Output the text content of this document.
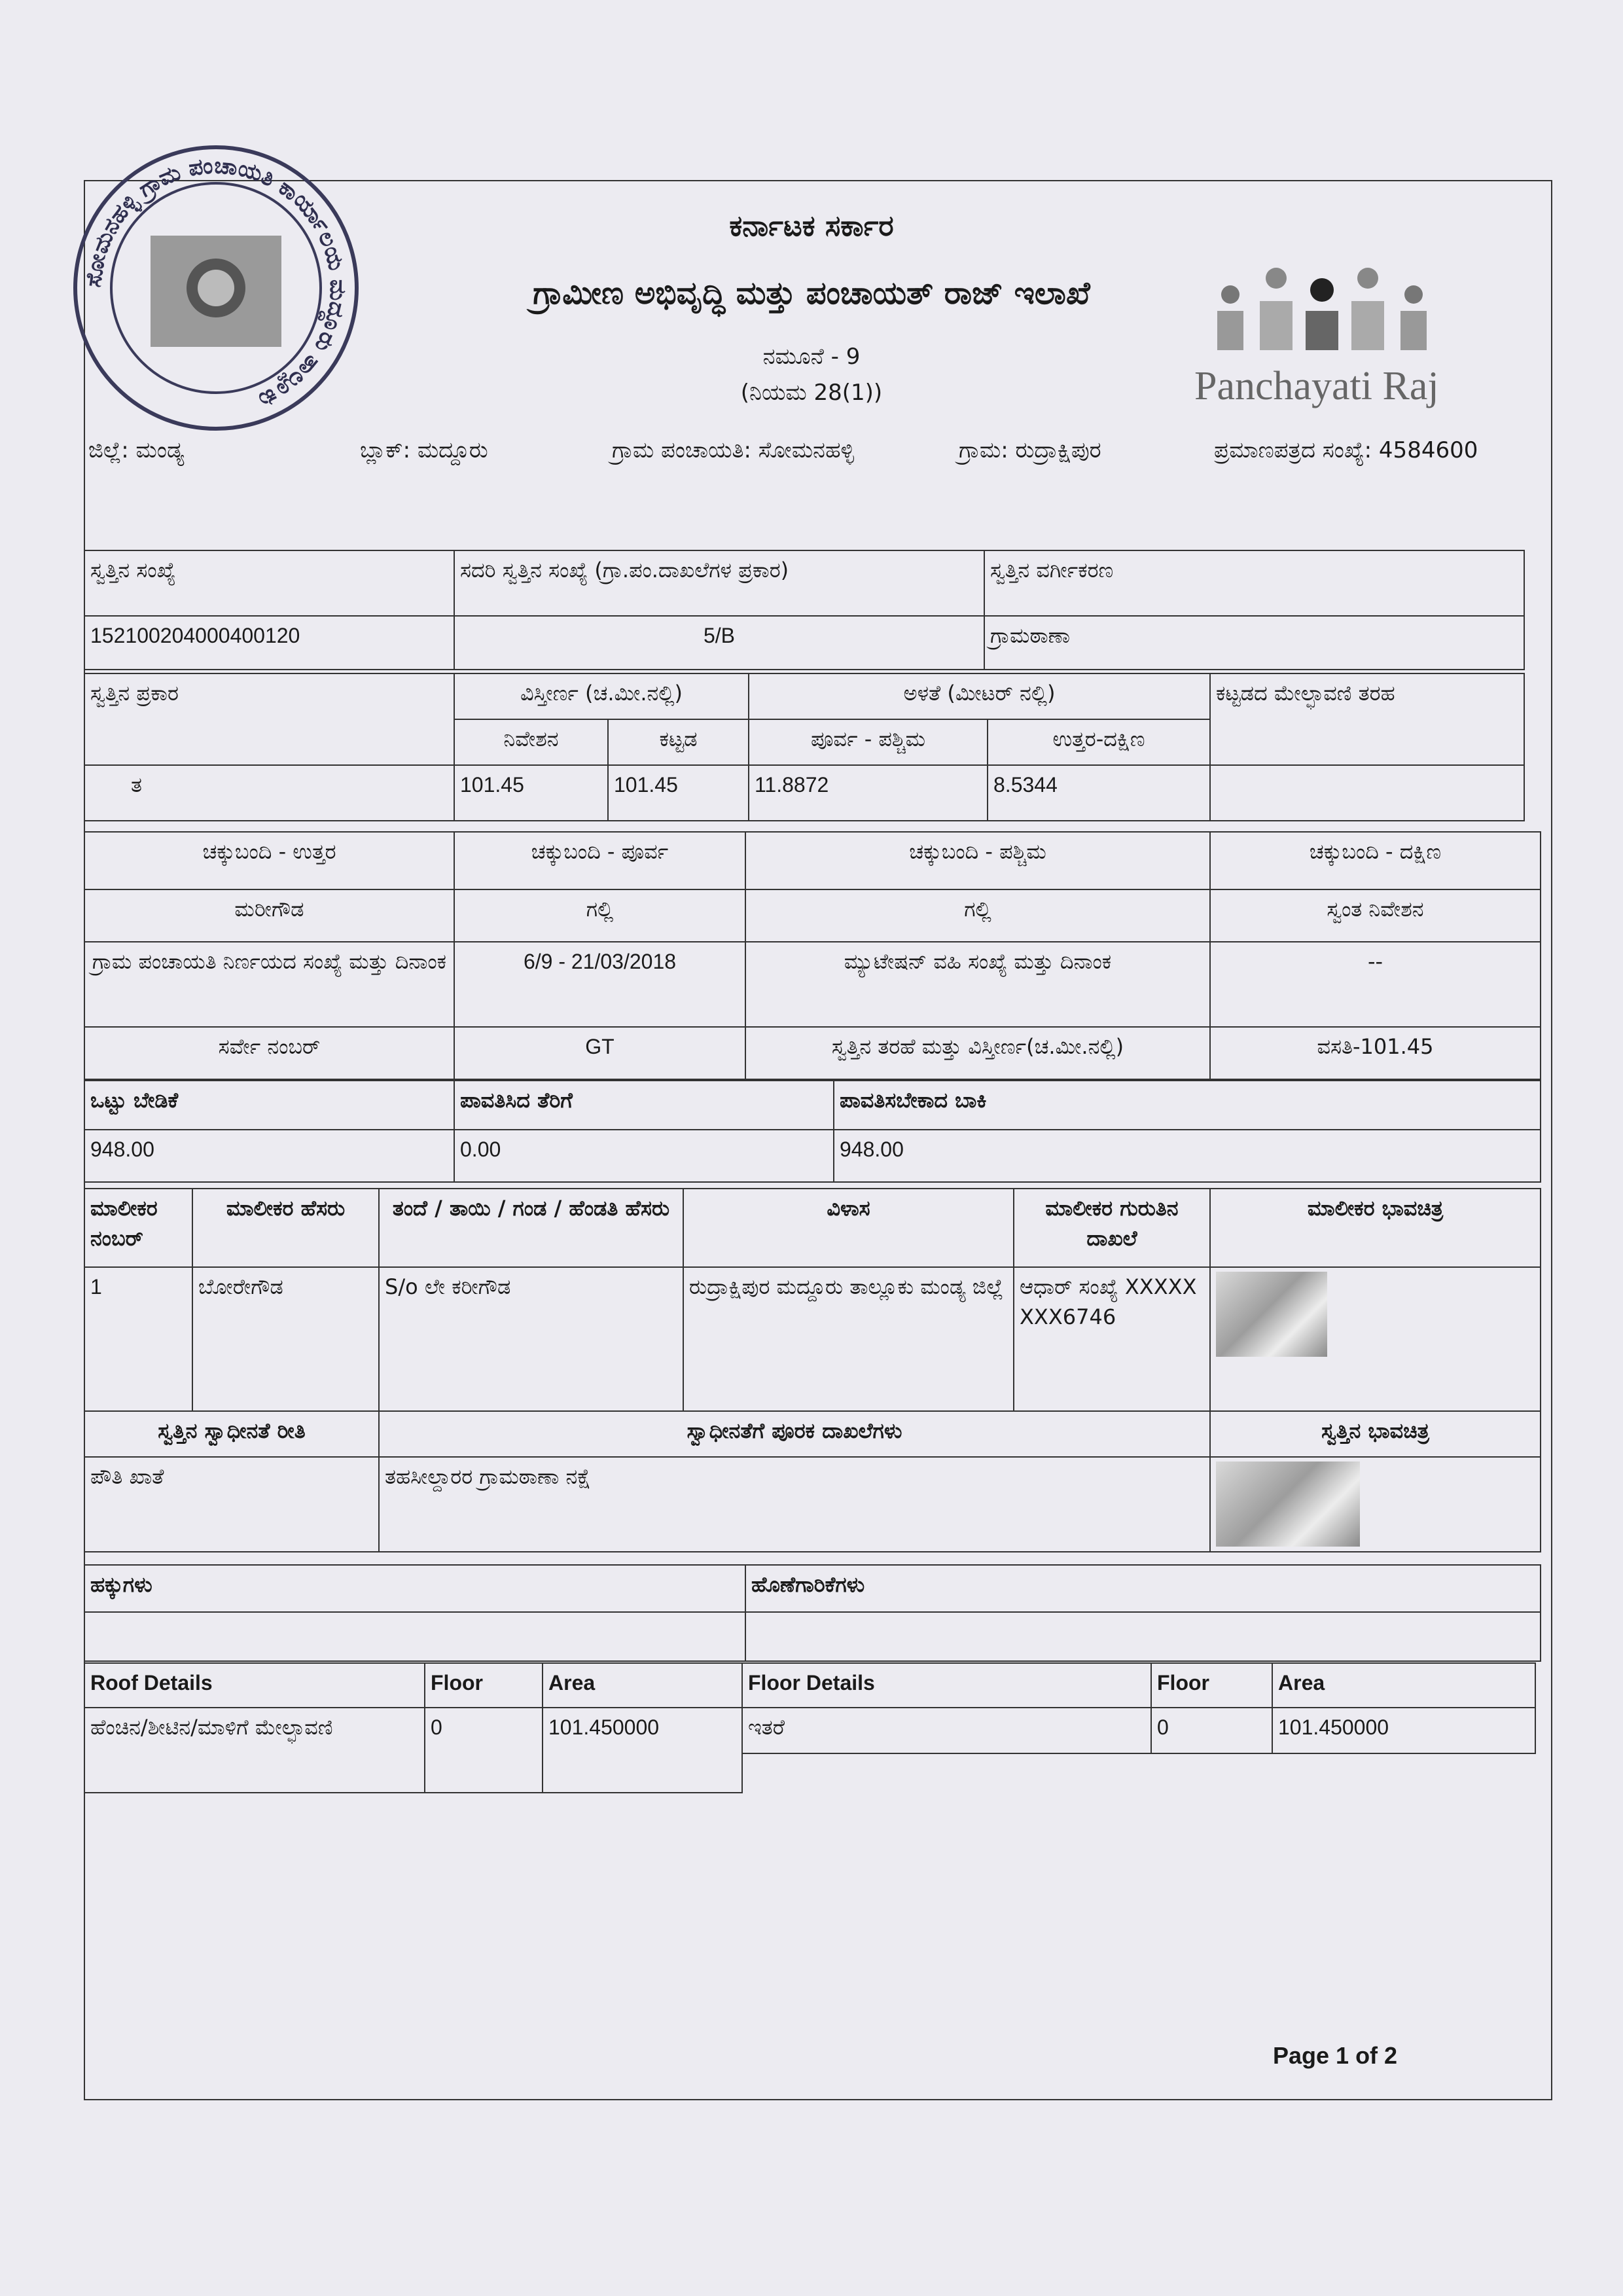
ಸೋಮನಹಳ್ಳಿ ಗ್ರಾಮ ಪಂಚಾಯತಿ ಕಾರ್ಯಾಲಯ ಮದ್ದೂರು ತಾಲ್ಲೂಕು	Panchayati Raj
ಕರ್ನಾಟಕ ಸರ್ಕಾರ
ಗ್ರಾಮೀಣ ಅಭಿವೃದ್ಧಿ ಮತ್ತು ಪಂಚಾಯತ್ ರಾಜ್ ಇಲಾಖೆ
ನಮೂನೆ - 9
(ನಿಯಮ 28(1))
ಜಿಲ್ಲೆ: ಮಂಡ್ಯ	ಬ್ಲಾಕ್: ಮದ್ದೂರು	ಗ್ರಾಮ ಪಂಚಾಯತಿ: ಸೋಮನಹಳ್ಳಿ	ಗ್ರಾಮ: ರುದ್ರಾಕ್ಷಿಪುರ	ಪ್ರಮಾಣಪತ್ರದ ಸಂಖ್ಯೆ: 4584600
ಸ್ವತ್ತಿನ ಸಂಖ್ಯೆ	ಸದರಿ ಸ್ವತ್ತಿನ ಸಂಖ್ಯೆ (ಗ್ರಾ.ಪಂ.ದಾಖಲೆಗಳ ಪ್ರಕಾರ)	ಸ್ವತ್ತಿನ ವರ್ಗೀಕರಣ
152100204000400120	5/B	ಗ್ರಾಮಠಾಣಾ
ಸ್ವತ್ತಿನ ಪ್ರಕಾರ	ವಿಸ್ತೀರ್ಣ (ಚ.ಮೀ.ನಲ್ಲಿ)		ಅಳತೆ (ಮೀಟರ್ ನಲ್ಲಿ)		ಕಟ್ಟಡದ ಮೇಲ್ಛಾವಣಿ ತರಹ
	ನಿವೇಶನ	ಕಟ್ಟಡ	ಪೂರ್ವ - ಪಶ್ಚಿಮ	ಉತ್ತರ-ದಕ್ಷಿಣ	
ತ	101.45	101.45	11.8872	8.5344	
ಚಕ್ಕುಬಂದಿ - ಉತ್ತರ	ಚಕ್ಕುಬಂದಿ - ಪೂರ್ವ	ಚಕ್ಕುಬಂದಿ - ಪಶ್ಚಿಮ	ಚಕ್ಕುಬಂದಿ - ದಕ್ಷಿಣ
ಮರೀಗೌಡ	ಗಲ್ಲಿ	ಗಲ್ಲಿ	ಸ್ವಂತ ನಿವೇಶನ
ಗ್ರಾಮ ಪಂಚಾಯತಿ ನಿರ್ಣಯದ ಸಂಖ್ಯೆ ಮತ್ತು ದಿನಾಂಕ	6/9 - 21/03/2018	ಮ್ಯುಟೇಷನ್ ವಹಿ ಸಂಖ್ಯೆ ಮತ್ತು ದಿನಾಂಕ	--
ಸರ್ವೇ ನಂಬರ್	GT	ಸ್ವತ್ತಿನ ತರಹೆ ಮತ್ತು ವಿಸ್ತೀರ್ಣ(ಚ.ಮೀ.ನಲ್ಲಿ)	ವಸತಿ-101.45
ಒಟ್ಟು ಬೇಡಿಕೆ	ಪಾವತಿಸಿದ ತೆರಿಗೆ	ಪಾವತಿಸಬೇಕಾದ ಬಾಕಿ
948.00	0.00	948.00
ಮಾಲೀಕರ ನಂಬರ್	ಮಾಲೀಕರ ಹೆಸರು	ತಂದೆ / ತಾಯಿ / ಗಂಡ / ಹೆಂಡತಿ ಹೆಸರು	ವಿಳಾಸ	ಮಾಲೀಕರ ಗುರುತಿನ ದಾಖಲೆ	ಮಾಲೀಕರ ಭಾವಚಿತ್ರ
1	ಬೋರೇಗೌಡ	S/o ಲೇ ಕರೀಗೌಡ	ರುದ್ರಾಕ್ಷಿಪುರ ಮದ್ದೂರು ತಾಲ್ಲೂಕು ಮಂಡ್ಯ ಜಿಲ್ಲೆ	ಆಧಾರ್ ಸಂಖ್ಯೆ XXXXXXXX6746	
ಸ್ವತ್ತಿನ ಸ್ವಾಧೀನತೆ ರೀತಿ	ಸ್ವಾಧೀನತೆಗೆ ಪೂರಕ ದಾಖಲೆಗಳು	ಸ್ವತ್ತಿನ ಭಾವಚಿತ್ರ
ಪೌತಿ ಖಾತೆ	ತಹಸೀಲ್ದಾರರ ಗ್ರಾಮಠಾಣಾ ನಕ್ಷೆ	
ಹಕ್ಕುಗಳು	ಹೊಣೆಗಾರಿಕೆಗಳು

Roof Details	Floor	Area
ಹೆಂಚಿನ/ಶೀಟಿನ/ಮಾಳಿಗೆ ಮೇಲ್ಛಾವಣಿ	0	101.450000
Floor Details	Floor	Area
ಇತರೆ	0	101.450000
Page 1 of 2
